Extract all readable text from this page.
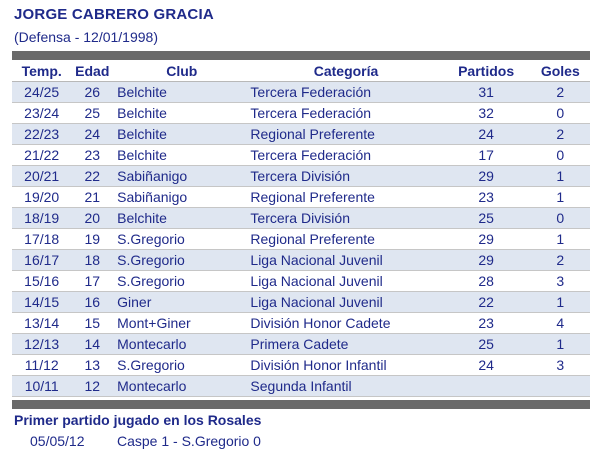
JORGE CABRERO GRACIA
(Defensa - 12/01/1998)
Temp.	Edad	Club	Categoría	Partidos	Goles
24/25	26	Belchite	Tercera Federación	31	2
23/24	25	Belchite	Tercera Federación	32	0
22/23	24	Belchite	Regional Preferente	24	2
21/22	23	Belchite	Tercera Federación	17	0
20/21	22	Sabiñanigo	Tercera División	29	1
19/20	21	Sabiñanigo	Regional Preferente	23	1
18/19	20	Belchite	Tercera División	25	0
17/18	19	S.Gregorio	Regional Preferente	29	1
16/17	18	S.Gregorio	Liga Nacional Juvenil	29	2
15/16	17	S.Gregorio	Liga Nacional Juvenil	28	3
14/15	16	Giner	Liga Nacional Juvenil	22	1
13/14	15	Mont+Giner	División Honor Cadete	23	4
12/13	14	Montecarlo	Primera Cadete	25	1
11/12	13	S.Gregorio	División Honor Infantil	24	3
10/11	12	Montecarlo	Segunda Infantil		
Primer partido jugado en los Rosales
05/05/12 Caspe 1 - S.Gregorio 0
